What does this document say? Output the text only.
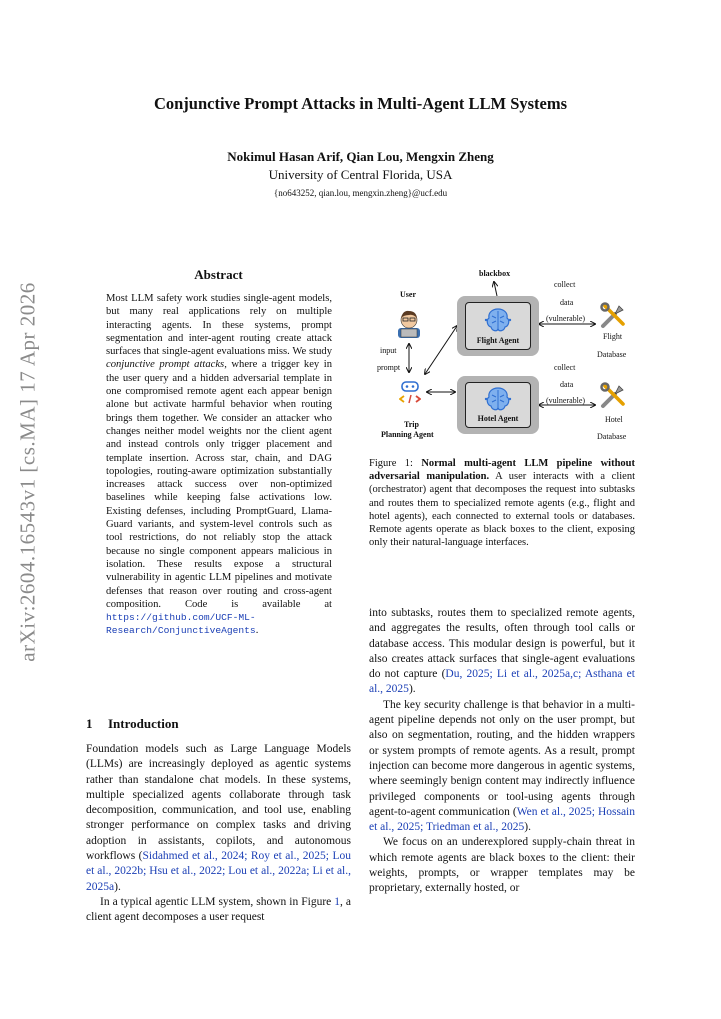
arXiv:2604.16543v1 [cs.MA] 17 Apr 2026
Conjunctive Prompt Attacks in Multi-Agent LLM Systems
Nokimul Hasan Arif, Qian Lou, Mengxin Zheng
University of Central Florida, USA
{no643252, qian.lou, mengxin.zheng}@ucf.edu
Abstract
Most LLM safety work studies single-agent models, but many real applications rely on multiple interacting agents. In these systems, prompt segmentation and inter-agent routing create attack surfaces that single-agent evaluations miss. We study conjunctive prompt attacks, where a trigger key in the user query and a hidden adversarial template in one compromised remote agent each appear benign alone but activate harmful behavior when routing brings them together. We consider an attacker who changes neither model weights nor the client agent and instead controls only trigger placement and template insertion. Across star, chain, and DAG topologies, routing-aware optimization substantially increases attack success over non-optimized baselines while keeping false activations low. Existing defenses, including PromptGuard, Llama-Guard variants, and system-level controls such as tool restrictions, do not reliably stop the attack because no single component appears malicious in isolation. These results expose a structural vulnerability in agentic LLM pipelines and motivate defenses that reason over routing and cross-agent composition. Code is available at https://github.com/UCF-ML-Research/ConjunctiveAgents.
blackbox
User
input
prompt
Trip
Planning Agent
Flight Agent
Hotel Agent
collect
data
(vulnerable)
collect
data
(vulnerable)
Flight
Database
Hotel
Database
Figure 1: Normal multi-agent LLM pipeline without adversarial manipulation. A user interacts with a client (orchestrator) agent that decomposes the request into subtasks and routes them to specialized remote agents (e.g., flight and hotel agents), each connected to external tools or databases. Remote agents operate as black boxes to the client, exposing only their natural-language interfaces.
1 Introduction

Foundation models such as Large Language Models (LLMs) are increasingly deployed as agentic systems rather than standalone chat models. In these systems, multiple specialized agents collaborate through task decomposition, communication, and tool use, enabling stronger performance on complex tasks and driving adoption in assistants, copilots, and autonomous workflows (Sidahmed et al., 2024; Roy et al., 2025; Lou et al., 2022b; Hsu et al., 2022; Lou et al., 2022a; Li et al., 2025a).

In a typical agentic LLM system, shown in Figure 1, a client agent decomposes a user request

into subtasks, routes them to specialized remote agents, and aggregates the results, often through tool calls or database access. This modular design is powerful, but it also creates attack surfaces that single-agent evaluations do not capture (Du, 2025; Li et al., 2025a,c; Asthana et al., 2025).

The key security challenge is that behavior in a multi-agent pipeline depends not only on the user prompt, but also on segmentation, routing, and the hidden wrappers or system prompts of remote agents. As a result, prompt injection can become more dangerous in agentic systems, where seemingly benign content may indirectly influence privileged components or tool-using agents through agent-to-agent communication (Wen et al., 2025; Hossain et al., 2025; Triedman et al., 2025).

We focus on an underexplored supply-chain threat in which remote agents are black boxes to the client: their weights, prompts, or wrapper templates may be proprietary, externally hosted, or
